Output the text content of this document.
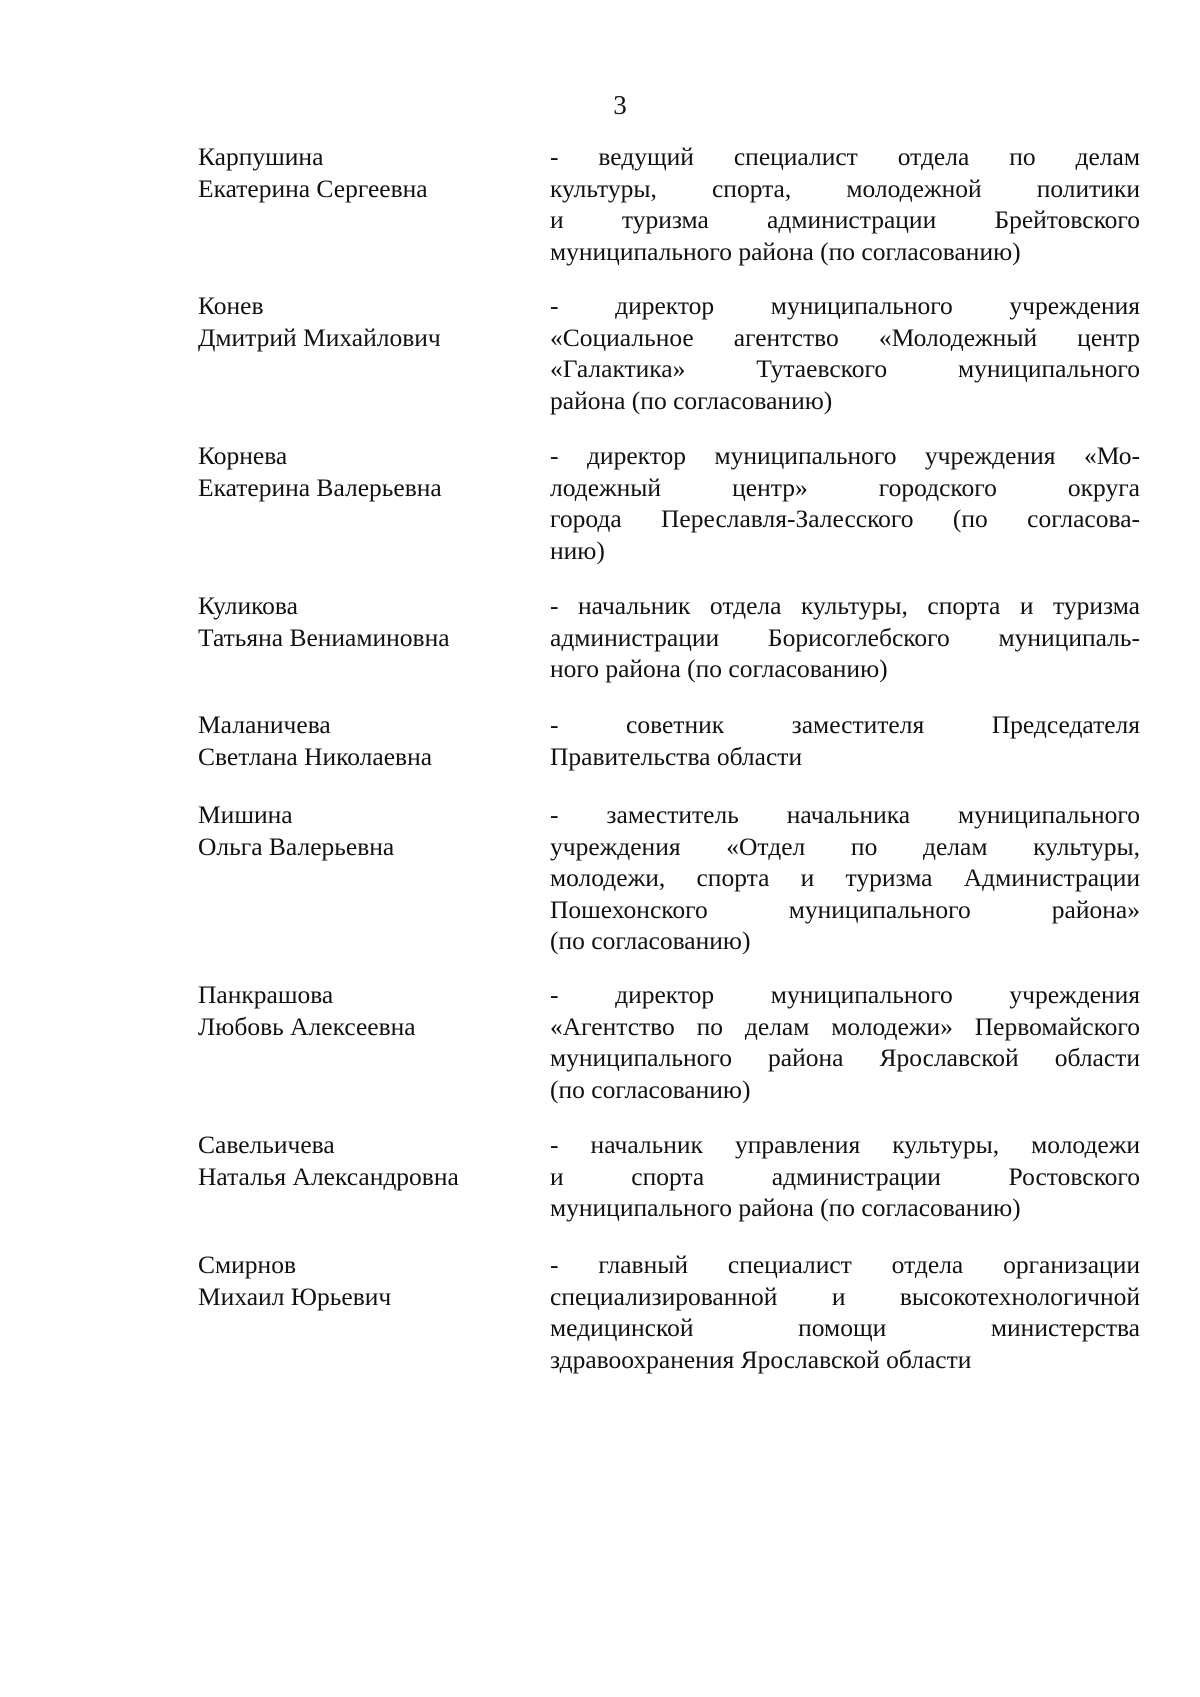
3
Карпушина
Екатерина Сергеевна
- ведущий специалист отдела по делам
культуры, спорта, молодежной политики
и туризма администрации Брейтовского
муниципального района (по согласованию)
Конев
Дмитрий Михайлович
- директор муниципального учреждения
«Социальное агентство «Молодежный центр
«Галактика» Тутаевского муниципального
района (по согласованию)
Корнева
Екатерина Валерьевна
- директор муниципального учреждения «Мо-
лодежный центр» городского округа
города Переславля-Залесского (по согласова-
нию)
Куликова
Татьяна Вениаминовна
- начальник отдела культуры, спорта и туризма
администрации Борисоглебского муниципаль-
ного района (по согласованию)
Маланичева
Светлана Николаевна
- советник заместителя Председателя
Правительства области
Мишина
Ольга Валерьевна
- заместитель начальника муниципального
учреждения «Отдел по делам культуры,
молодежи, спорта и туризма Администрации
Пошехонского муниципального района»
(по согласованию)
Панкрашова
Любовь Алексеевна
- директор муниципального учреждения
«Агентство по делам молодежи» Первомайского
муниципального района Ярославской области
(по согласованию)
Савельичева
Наталья Александровна
- начальник управления культуры, молодежи
и спорта администрации Ростовского
муниципального района (по согласованию)
Смирнов
Михаил Юрьевич
- главный специалист отдела организации
специализированной и высокотехнологичной
медицинской помощи министерства
здравоохранения Ярославской области
